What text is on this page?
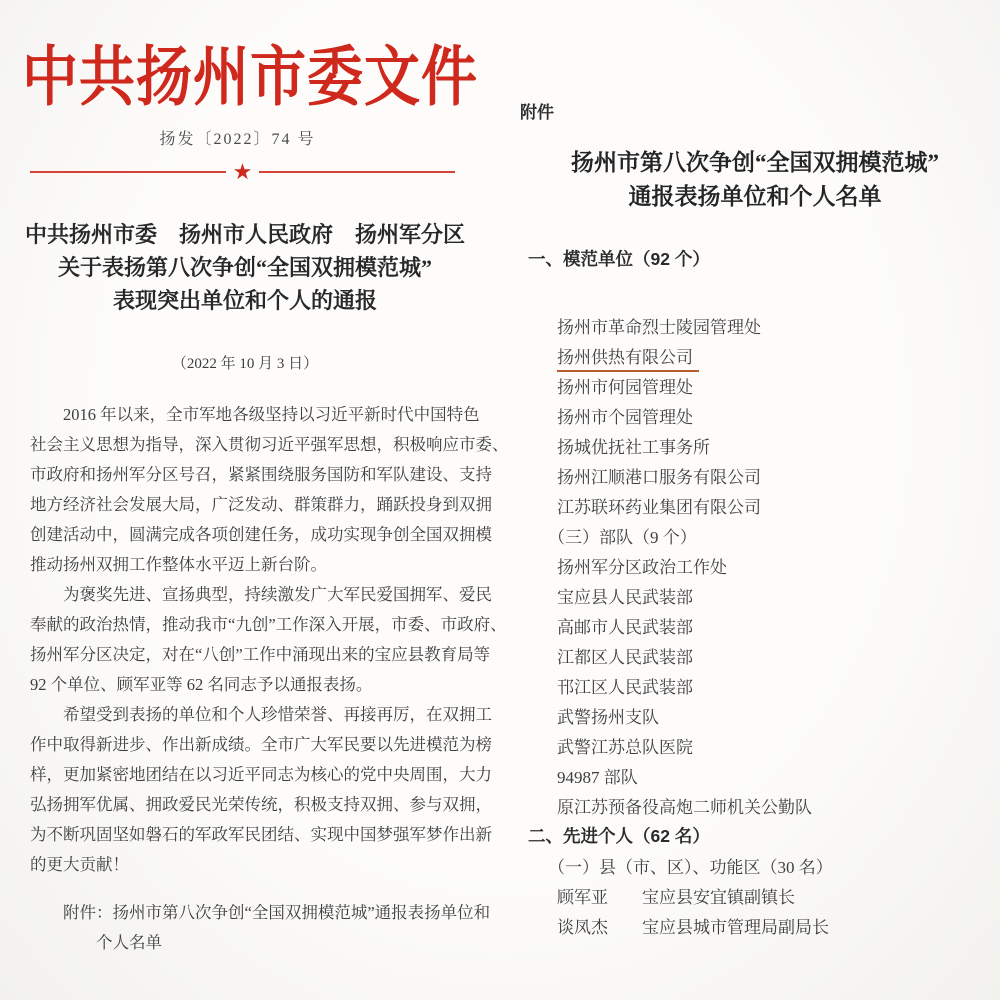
中共扬州市委文件
扬发〔2022〕74 号
★
中共扬州市委　扬州市人民政府　扬州军分区
关于表扬第八次争创“全国双拥模范城”
表现突出单位和个人的通报
（2022 年 10 月 3 日）
2016 年以来，全市军地各级坚持以习近平新时代中国特色
社会主义思想为指导，深入贯彻习近平强军思想，积极响应市委、
市政府和扬州军分区号召，紧紧围绕服务国防和军队建设、支持
地方经济社会发展大局，广泛发动、群策群力，踊跃投身到双拥
创建活动中，圆满完成各项创建任务，成功实现争创全国双拥模
推动扬州双拥工作整体水平迈上新台阶。
为褒奖先进、宣扬典型，持续激发广大军民爱国拥军、爱民
奉献的政治热情，推动我市“九创”工作深入开展，市委、市政府、
扬州军分区决定，对在“八创”工作中涌现出来的宝应县教育局等
92 个单位、顾军亚等 62 名同志予以通报表扬。
希望受到表扬的单位和个人珍惜荣誉、再接再厉，在双拥工
作中取得新进步、作出新成绩。全市广大军民要以先进模范为榜
样，更加紧密地团结在以习近平同志为核心的党中央周围，大力
弘扬拥军优属、拥政爱民光荣传统，积极支持双拥、参与双拥，
为不断巩固坚如磐石的军政军民团结、实现中国梦强军梦作出新
的更大贡献！
附件：扬州市第八次争创“全国双拥模范城”通报表扬单位和
个人名单
附件
扬州市第八次争创“全国双拥模范城”
通报表扬单位和个人名单
一、模范单位（92 个）
扬州市革命烈士陵园管理处
扬州供热有限公司
扬州市何园管理处
扬州市个园管理处
扬城优抚社工事务所
扬州江顺港口服务有限公司
江苏联环药业集团有限公司
（三）部队（9 个）
扬州军分区政治工作处
宝应县人民武装部
高邮市人民武装部
江都区人民武装部
邗江区人民武装部
武警扬州支队
武警江苏总队医院
94987 部队
原江苏预备役高炮二师机关公勤队
二、先进个人（62 名）
（一）县（市、区）、功能区（30 名）
顾军亚　　宝应县安宜镇副镇长
谈凤杰　　宝应县城市管理局副局长
